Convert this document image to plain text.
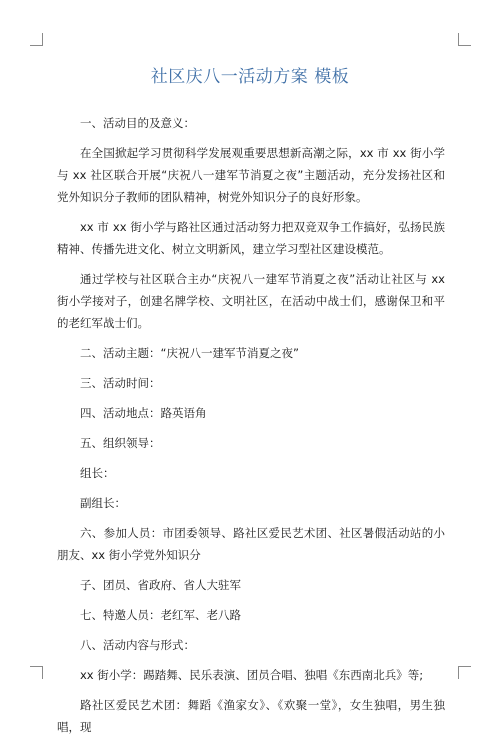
社区庆八一活动方案 模板

一、活动目的及意义：

在全国掀起学习贯彻科学发展观重要思想新高潮之际，xx 市 xx 街小学与 xx 社区联合开展“庆祝八一建军节消夏之夜”主题活动，充分发扬社区和党外知识分子教师的团队精神，树党外知识分子的良好形象。

xx 市 xx 街小学与路社区通过活动努力把双竞双争工作搞好，弘扬民族精神、传播先进文化、树立文明新风，建立学习型社区建设模范。

通过学校与社区联合主办“庆祝八一建军节消夏之夜”活动让社区与 xx 街小学接对子，创建名牌学校、文明社区，在活动中战士们，感谢保卫和平的老红军战士们。

二、活动主题：“庆祝八一建军节消夏之夜”

三、活动时间：

四、活动地点：路英语角

五、组织领导：

组长：

副组长：

六、参加人员：市团委领导、路社区爱民艺术团、社区暑假活动站的小朋友、xx 街小学党外知识分

子、团员、省政府、省人大驻军

七、特邀人员：老红军、老八路

八、活动内容与形式：

xx 街小学：踢踏舞、民乐表演、团员合唱、独唱《东西南北兵》等;

路社区爱民艺术团：舞蹈《渔家女》、《欢聚一堂》，女生独唱，男生独唱，现
